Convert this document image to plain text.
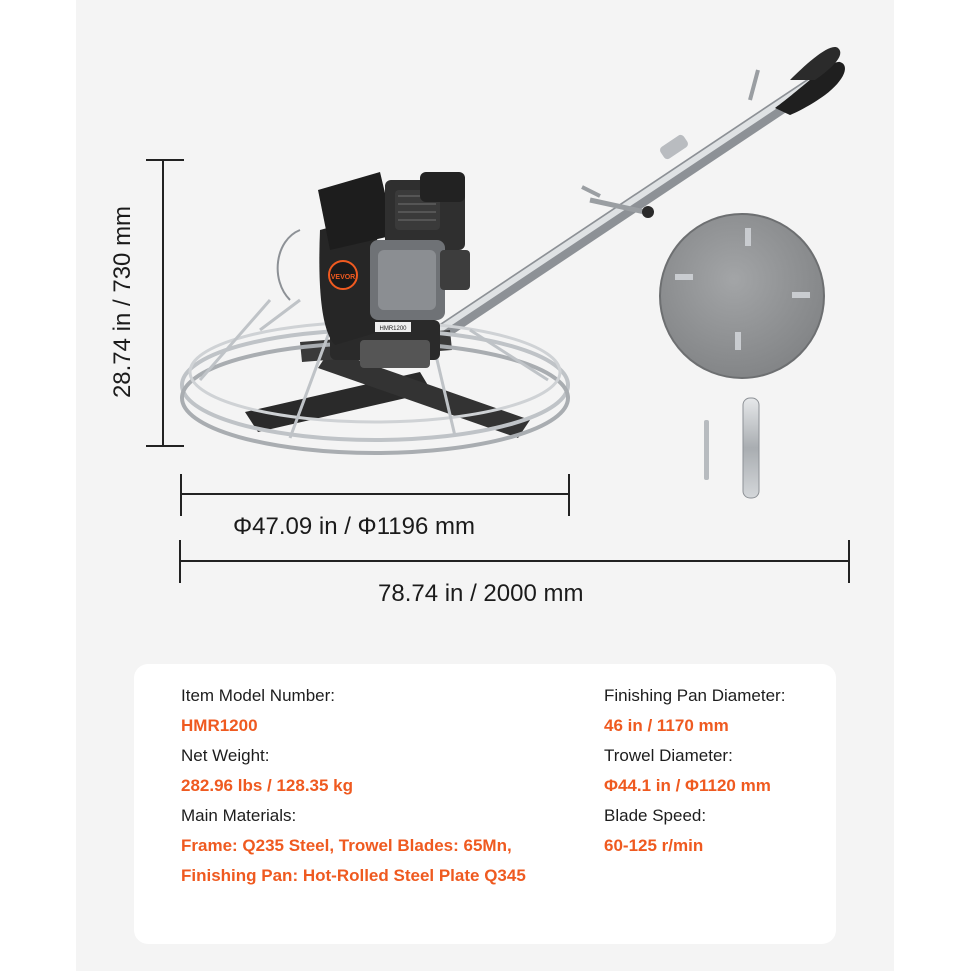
VEVOR
HMR1200
28.74 in / 730 mm
Φ47.09 in / Φ1196 mm
78.74 in / 2000 mm
Item Model Number:
HMR1200
Net Weight:
282.96 lbs / 128.35 kg
Main Materials:
Frame: Q235 Steel, Trowel Blades: 65Mn,
Finishing Pan: Hot-Rolled Steel Plate Q345
Finishing Pan Diameter:
46 in / 1170 mm
Trowel Diameter:
Φ44.1 in / Φ1120 mm
Blade Speed:
60-125 r/min
